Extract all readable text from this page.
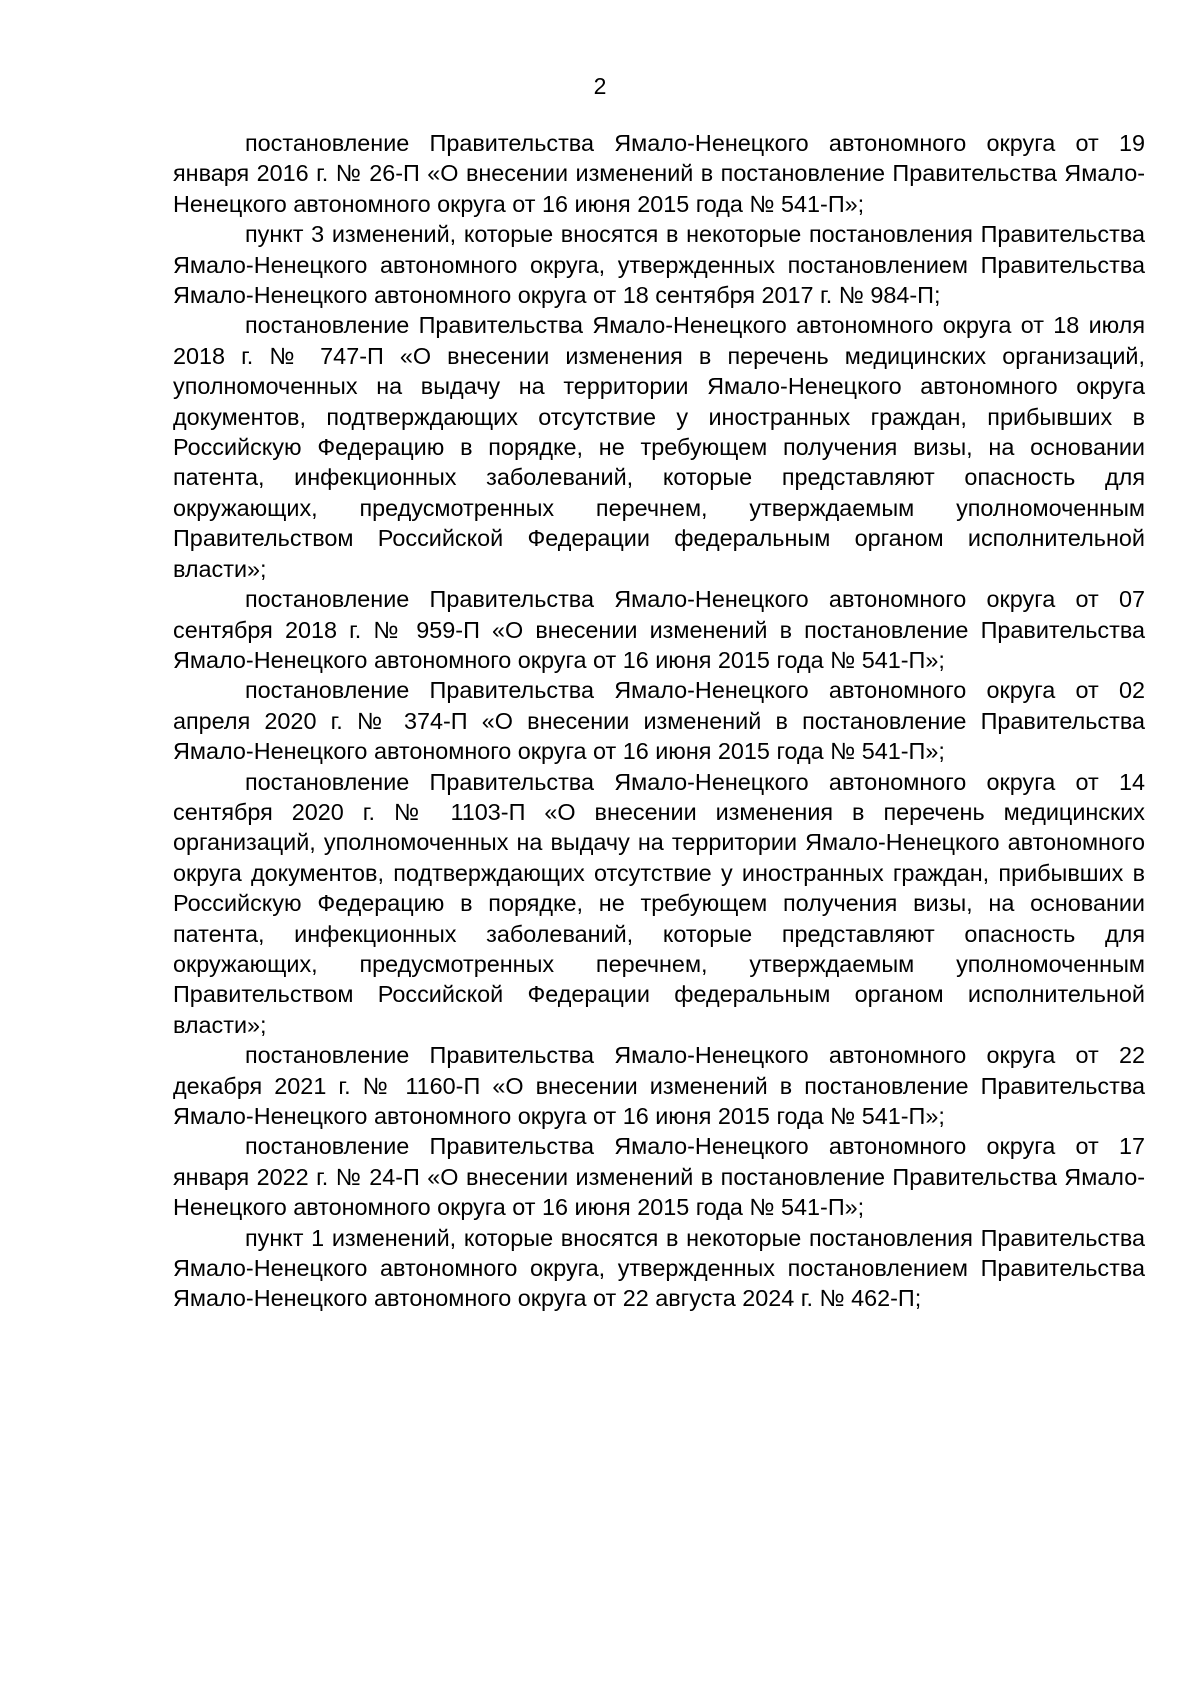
2

постановление Правительства Ямало-Ненецкого автономного округа от 19 января 2016 г. № 26-П «О внесении изменений в постановление Правительства Ямало-Ненецкого автономного округа от 16 июня 2015 года № 541-П»;

пункт 3 изменений, которые вносятся в некоторые постановления Правительства Ямало-Ненецкого автономного округа, утвержденных постановлением Правительства Ямало-Ненецкого автономного округа от 18 сентября 2017 г. № 984-П;

постановление Правительства Ямало-Ненецкого автономного округа от 18 июля 2018 г. № 747-П «О внесении изменения в перечень медицинских организаций, уполномоченных на выдачу на территории Ямало-Ненецкого автономного округа документов, подтверждающих отсутствие у иностранных граждан, прибывших в Российскую Федерацию в порядке, не требующем получения визы, на основании патента, инфекционных заболеваний, которые представляют опасность для окружающих, предусмотренных перечнем, утверждаемым уполномоченным Правительством Российской Федерации федеральным органом исполнительной власти»;

постановление Правительства Ямало-Ненецкого автономного округа от 07 сентября 2018 г. № 959-П «О внесении изменений в постановление Правительства Ямало-Ненецкого автономного округа от 16 июня 2015 года № 541-П»;

постановление Правительства Ямало-Ненецкого автономного округа от 02 апреля 2020 г. № 374-П «О внесении изменений в постановление Правительства Ямало-Ненецкого автономного округа от 16 июня 2015 года № 541-П»;

постановление Правительства Ямало-Ненецкого автономного округа от 14 сентября 2020 г. № 1103-П «О внесении изменения в перечень медицинских организаций, уполномоченных на выдачу на территории Ямало-Ненецкого автономного округа документов, подтверждающих отсутствие у иностранных граждан, прибывших в Российскую Федерацию в порядке, не требующем получения визы, на основании патента, инфекционных заболеваний, которые представляют опасность для окружающих, предусмотренных перечнем, утверждаемым уполномоченным Правительством Российской Федерации федеральным органом исполнительной власти»;

постановление Правительства Ямало-Ненецкого автономного округа от 22 декабря 2021 г. № 1160-П «О внесении изменений в постановление Правительства Ямало-Ненецкого автономного округа от 16 июня 2015 года № 541-П»;

постановление Правительства Ямало-Ненецкого автономного округа от 17 января 2022 г. № 24-П «О внесении изменений в постановление Правительства Ямало-Ненецкого автономного округа от 16 июня 2015 года № 541-П»;

пункт 1 изменений, которые вносятся в некоторые постановления Правительства Ямало-Ненецкого автономного округа, утвержденных постановлением Правительства Ямало-Ненецкого автономного округа от 22 августа 2024 г. № 462-П;
